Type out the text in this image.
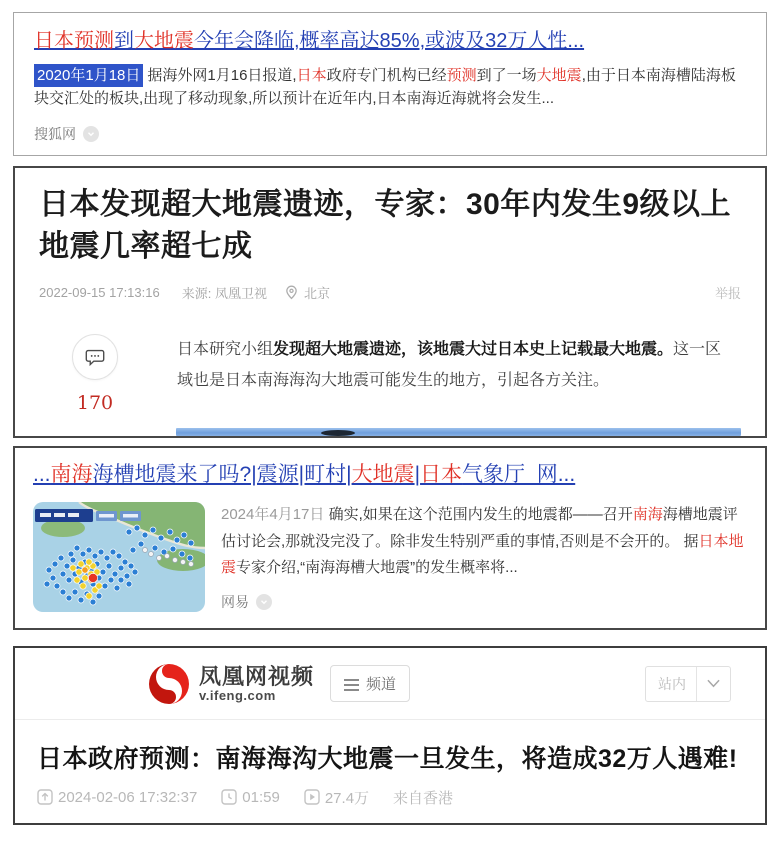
日本预测到大地震今年会降临,概率高达85%,或波及32万人性...
2020年1月18日 据海外网1月16日报道,日本政府专门机构已经预测到了一场大地震,由于日本南海槽陆海板块交汇处的板块,出现了移动现象,所以预计在近年内,日本南海近海就将会发生...
搜狐网
日本发现超大地震遗迹，专家：30年内发生9级以上地震几率超七成
2022-09-15 17:13:16 来源: 凤凰卫视	北京	举报
170

日本研究小组发现超大地震遗迹，该地震大过日本史上记载最大地震。这一区域也是日本南海海沟大地震可能发生的地方，引起各方关注。

...南海海槽地震来了吗?|震源|町村|大地震|日本气象厅_网...
2024年4月17日 确实,如果在这个范围内发生的地震都——召开南海海槽地震评估讨论会,那就没完没了。除非发生特别严重的事情,否则是不会开的。 据日本地震专家介绍,“南海海槽大地震”的发生概率将...
网易
凤凰网视频
v.ifeng.com
频道	站内
日本政府预测：南海海沟大地震一旦发生，将造成32万人遇难!
2024-02-06 17:32:37	01:59	27.4万 来自香港
